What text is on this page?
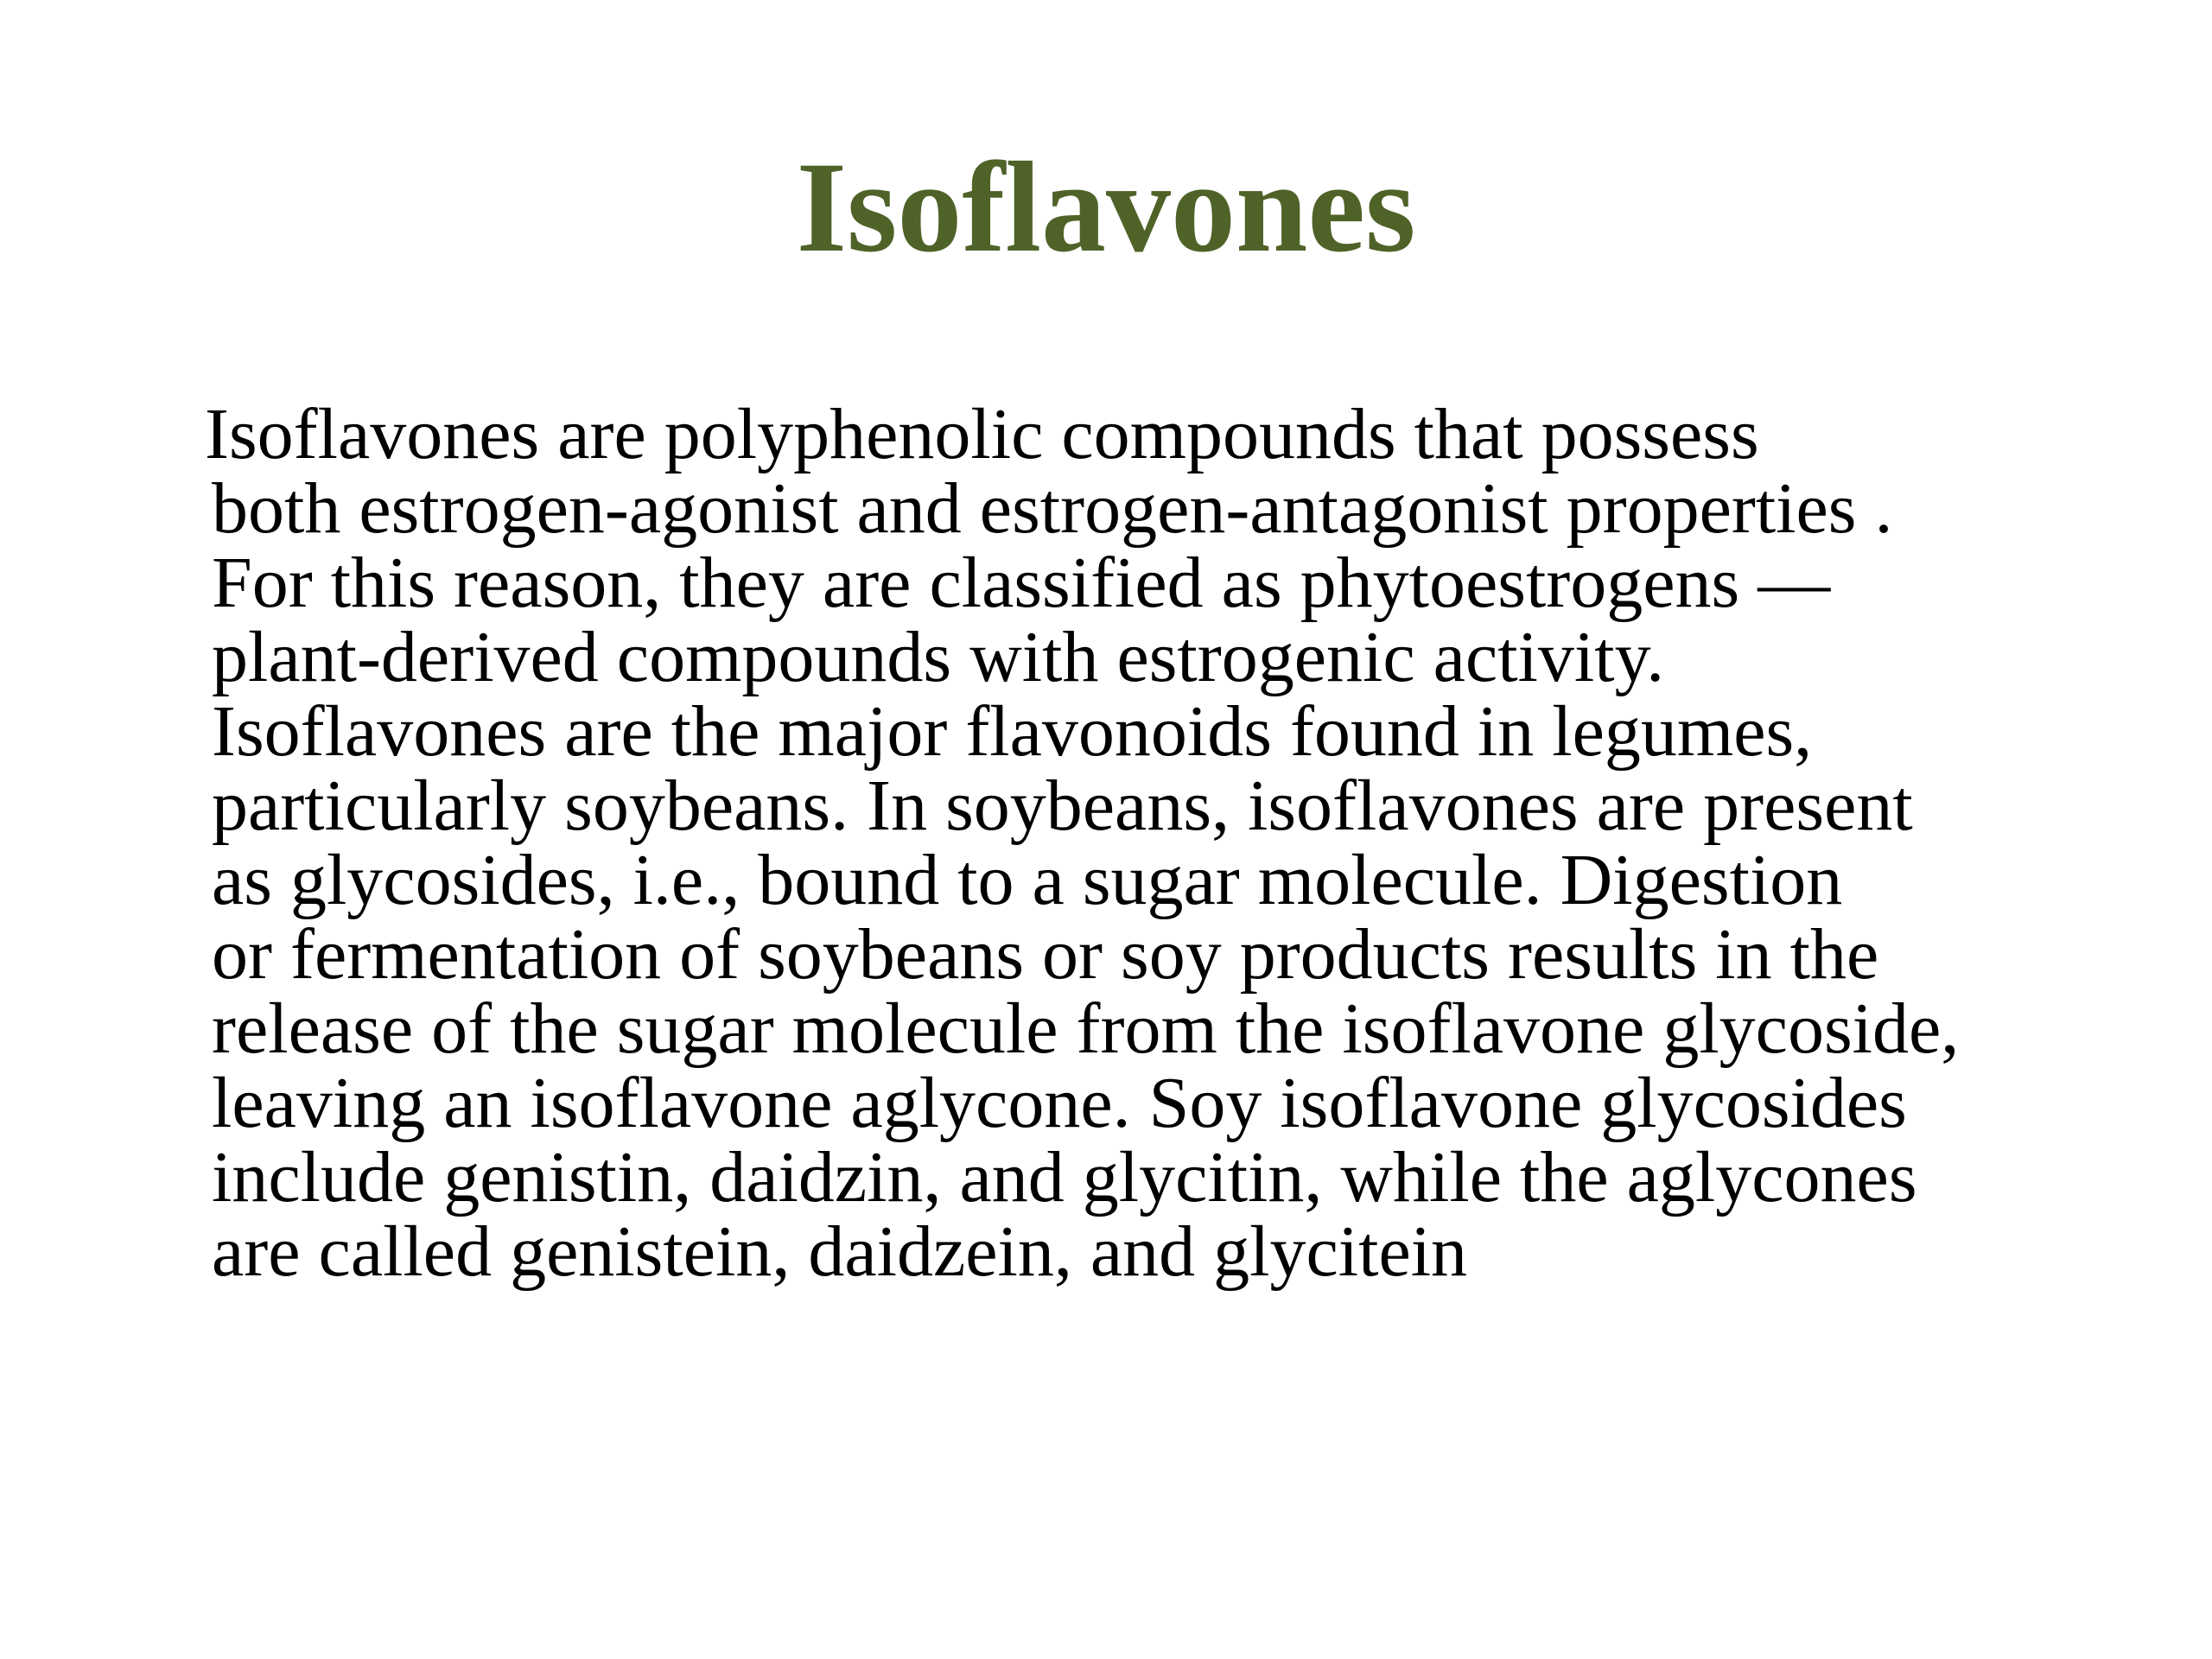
Isoflavones
Isoflavones are polyphenolic compounds that possess
both estrogen-agonist and estrogen-antagonist properties .
For this reason, they are classified as phytoestrogens —
plant-derived compounds with estrogenic activity.
Isoflavones are the major flavonoids found in legumes,
particularly soybeans. In soybeans, isoflavones are present
as glycosides, i.e., bound to a sugar molecule. Digestion
or fermentation of soybeans or soy products results in the
release of the sugar molecule from the isoflavone glycoside,
leaving an isoflavone aglycone. Soy isoflavone glycosides
include genistin, daidzin, and glycitin, while the aglycones
are called genistein, daidzein, and glycitein
